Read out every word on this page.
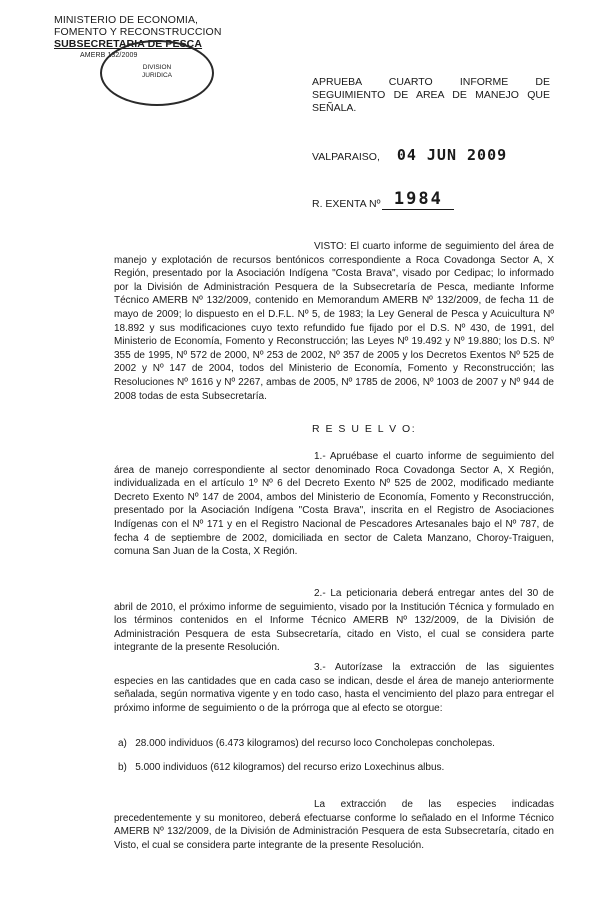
MINISTERIO DE ECONOMIA,
FOMENTO Y RECONSTRUCCION
SUBSECRETARIA DE PESCA
AMERB 132/2009
DIVISION
JURIDICA
APRUEBA CUARTO INFORME DE
SEGUIMIENTO DE AREA DE MANEJO QUE
SEÑALA.
VALPARAISO, 04 JUN 2009
R. EXENTA Nº 1984
VISTO: El cuarto informe de seguimiento del área de manejo y explotación de recursos bentónicos correspondiente a Roca Covadonga Sector A, X Región, presentado por la Asociación Indígena "Costa Brava", visado por Cedipac; lo informado por la División de Administración Pesquera de la Subsecretaría de Pesca, mediante Informe Técnico AMERB Nº 132/2009, contenido en Memorandum AMERB Nº 132/2009, de fecha 11 de mayo de 2009; lo dispuesto en el D.F.L. Nº 5, de 1983; la Ley General de Pesca y Acuicultura Nº 18.892 y sus modificaciones cuyo texto refundido fue fijado por el D.S. Nº 430, de 1991, del Ministerio de Economía, Fomento y Reconstrucción; las Leyes Nº 19.492 y Nº 19.880; los D.S. Nº 355 de 1995, Nº 572 de 2000, Nº 253 de 2002, Nº 357 de 2005 y los Decretos Exentos Nº 525 de 2002 y Nº 147 de 2004, todos del Ministerio de Economía, Fomento y Reconstrucción; las Resoluciones Nº 1616 y Nº 2267, ambas de 2005, Nº 1785 de 2006, Nº 1003 de 2007 y Nº 944 de 2008 todas de esta Subsecretaría.
R E S U E L V O:
1.- Apruébase el cuarto informe de seguimiento del área de manejo correspondiente al sector denominado Roca Covadonga Sector A, X Región, individualizada en el artículo 1º Nº 6 del Decreto Exento Nº 525 de 2002, modificado mediante Decreto Exento Nº 147 de 2004, ambos del Ministerio de Economía, Fomento y Reconstrucción, presentado por la Asociación Indígena "Costa Brava", inscrita en el Registro de Asociaciones Indígenas con el Nº 171 y en el Registro Nacional de Pescadores Artesanales bajo el Nº 787, de fecha 4 de septiembre de 2002, domiciliada en sector de Caleta Manzano, Choroy-Traiguen, comuna San Juan de la Costa, X Región.
2.- La peticionaria deberá entregar antes del 30 de abril de 2010, el próximo informe de seguimiento, visado por la Institución Técnica y formulado en los términos contenidos en el Informe Técnico AMERB Nº 132/2009, de la División de Administración Pesquera de esta Subsecretaría, citado en Visto, el cual se considera parte integrante de la presente Resolución.
3.- Autorízase la extracción de las siguientes especies en las cantidades que en cada caso se indican, desde el área de manejo anteriormente señalada, según normativa vigente y en todo caso, hasta el vencimiento del plazo para entregar el próximo informe de seguimiento o de la prórroga que al efecto se otorgue:
a)   28.000 individuos (6.473 kilogramos) del recurso loco Concholepas concholepas.
b)   5.000 individuos (612 kilogramos) del recurso erizo Loxechinus albus.
La extracción de las especies indicadas precedentemente y su monitoreo, deberá efectuarse conforme lo señalado en el Informe Técnico AMERB Nº 132/2009, de la División de Administración Pesquera de esta Subsecretaría, citado en Visto, el cual se considera parte integrante de la presente Resolución.
